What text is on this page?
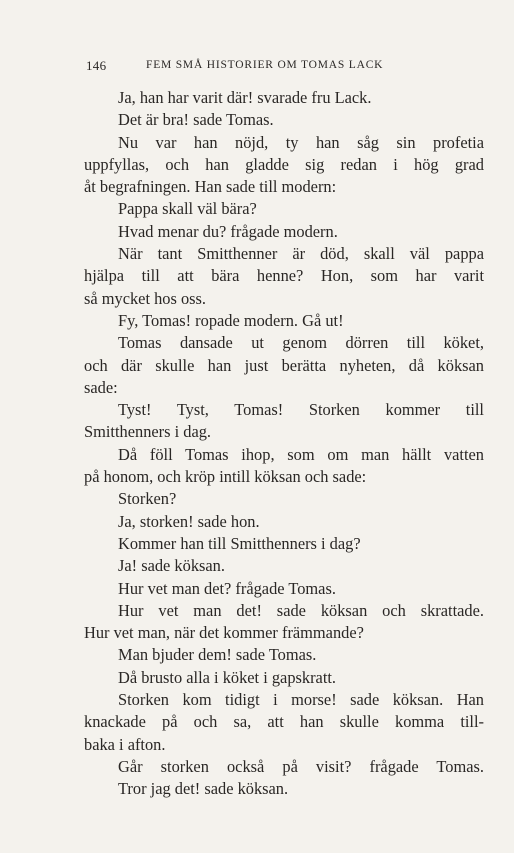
146	FEM SMÅ HISTORIER OM TOMAS LACK
Ja, han har varit där! svarade fru Lack.
Det är bra! sade Tomas.
Nu var han nöjd, ty han såg sin profetia
uppfyllas, och han gladde sig redan i hög grad
åt begrafningen. Han sade till modern:
Pappa skall väl bära?
Hvad menar du? frågade modern.
När tant Smitthenner är död, skall väl pappa
hjälpa till att bära henne? Hon, som har varit
så mycket hos oss.
Fy, Tomas! ropade modern. Gå ut!
Tomas dansade ut genom dörren till köket,
och där skulle han just berätta nyheten, då köksan
sade:
Tyst! Tyst, Tomas! Storken kommer till
Smitthenners i dag.
Då föll Tomas ihop, som om man hällt vatten
på honom, och kröp intill köksan och sade:
Storken?
Ja, storken! sade hon.
Kommer han till Smitthenners i dag?
Ja! sade köksan.
Hur vet man det? frågade Tomas.
Hur vet man det! sade köksan och skrattade.
Hur vet man, när det kommer främmande?
Man bjuder dem! sade Tomas.
Då brusto alla i köket i gapskratt.
Storken kom tidigt i morse! sade köksan. Han
knackade på och sa, att han skulle komma till-
baka i afton.
Går storken också på visit? frågade Tomas.
Tror jag det! sade köksan.
